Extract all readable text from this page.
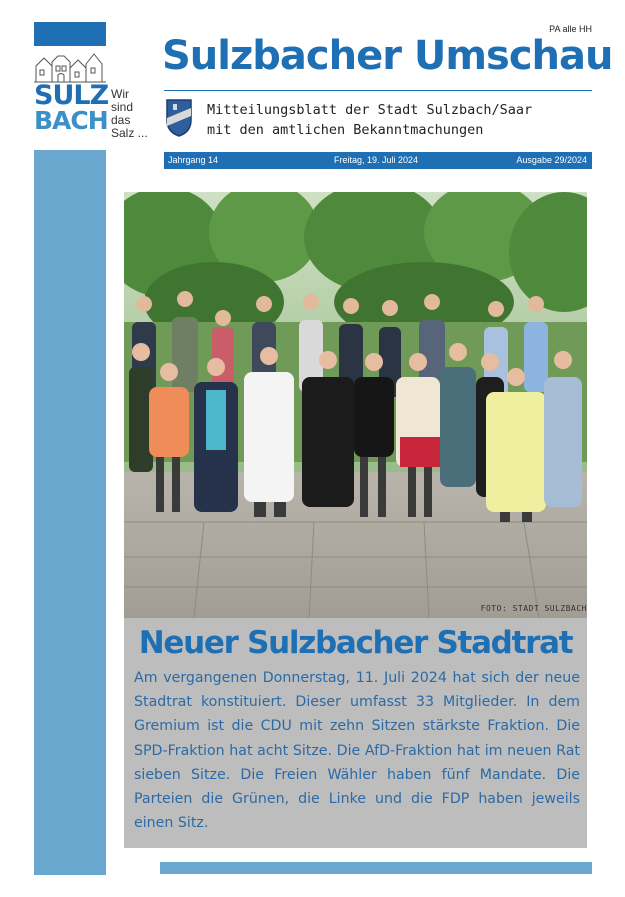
SULZ
BACH
Wir
sind
das
Salz ...
PA alle HH
Sulzbacher Umschau
Mitteilungsblatt der Stadt Sulzbach/Saar
mit den amtlichen Bekanntmachungen
Jahrgang 14	Freitag, 19. Juli 2024	Ausgabe 29/2024
FOTO: STADT SULZBACH
Neuer Sulzbacher Stadtrat
Am vergangenen Donnerstag, 11. Juli 2024 hat sich der neue Stadtrat konstituiert. Dieser umfasst 33 Mitglieder. In dem Gremium ist die CDU mit zehn Sitzen stärkste Fraktion. Die SPD-Fraktion hat acht Sitze. Die AfD-Fraktion hat im neuen Rat sieben Sitze. Die Freien Wähler haben fünf Mandate. Die Parteien die Grünen, die Linke und die FDP haben jeweils einen Sitz.
